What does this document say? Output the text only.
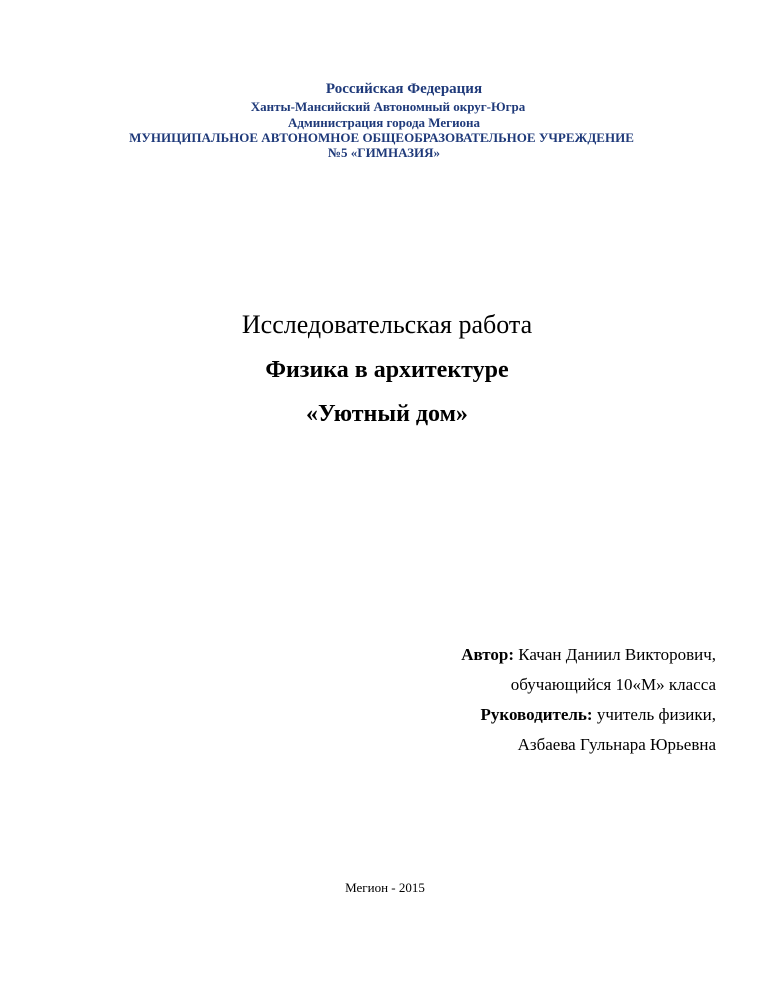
Российская Федерация
Ханты-Мансийский Автономный округ-Югра
Администрация города Мегиона
МУНИЦИПАЛЬНОЕ АВТОНОМНОЕ ОБЩЕОБРАЗОВАТЕЛЬНОЕ УЧРЕЖДЕНИЕ
№5 «ГИМНАЗИЯ»
Исследовательская работа
Физика в архитектуре
«Уютный дом»
Автор: Качан Даниил Викторович,
обучающийся 10«М» класса
Руководитель: учитель физики,
Азбаева Гульнара Юрьевна
Мегион - 2015
